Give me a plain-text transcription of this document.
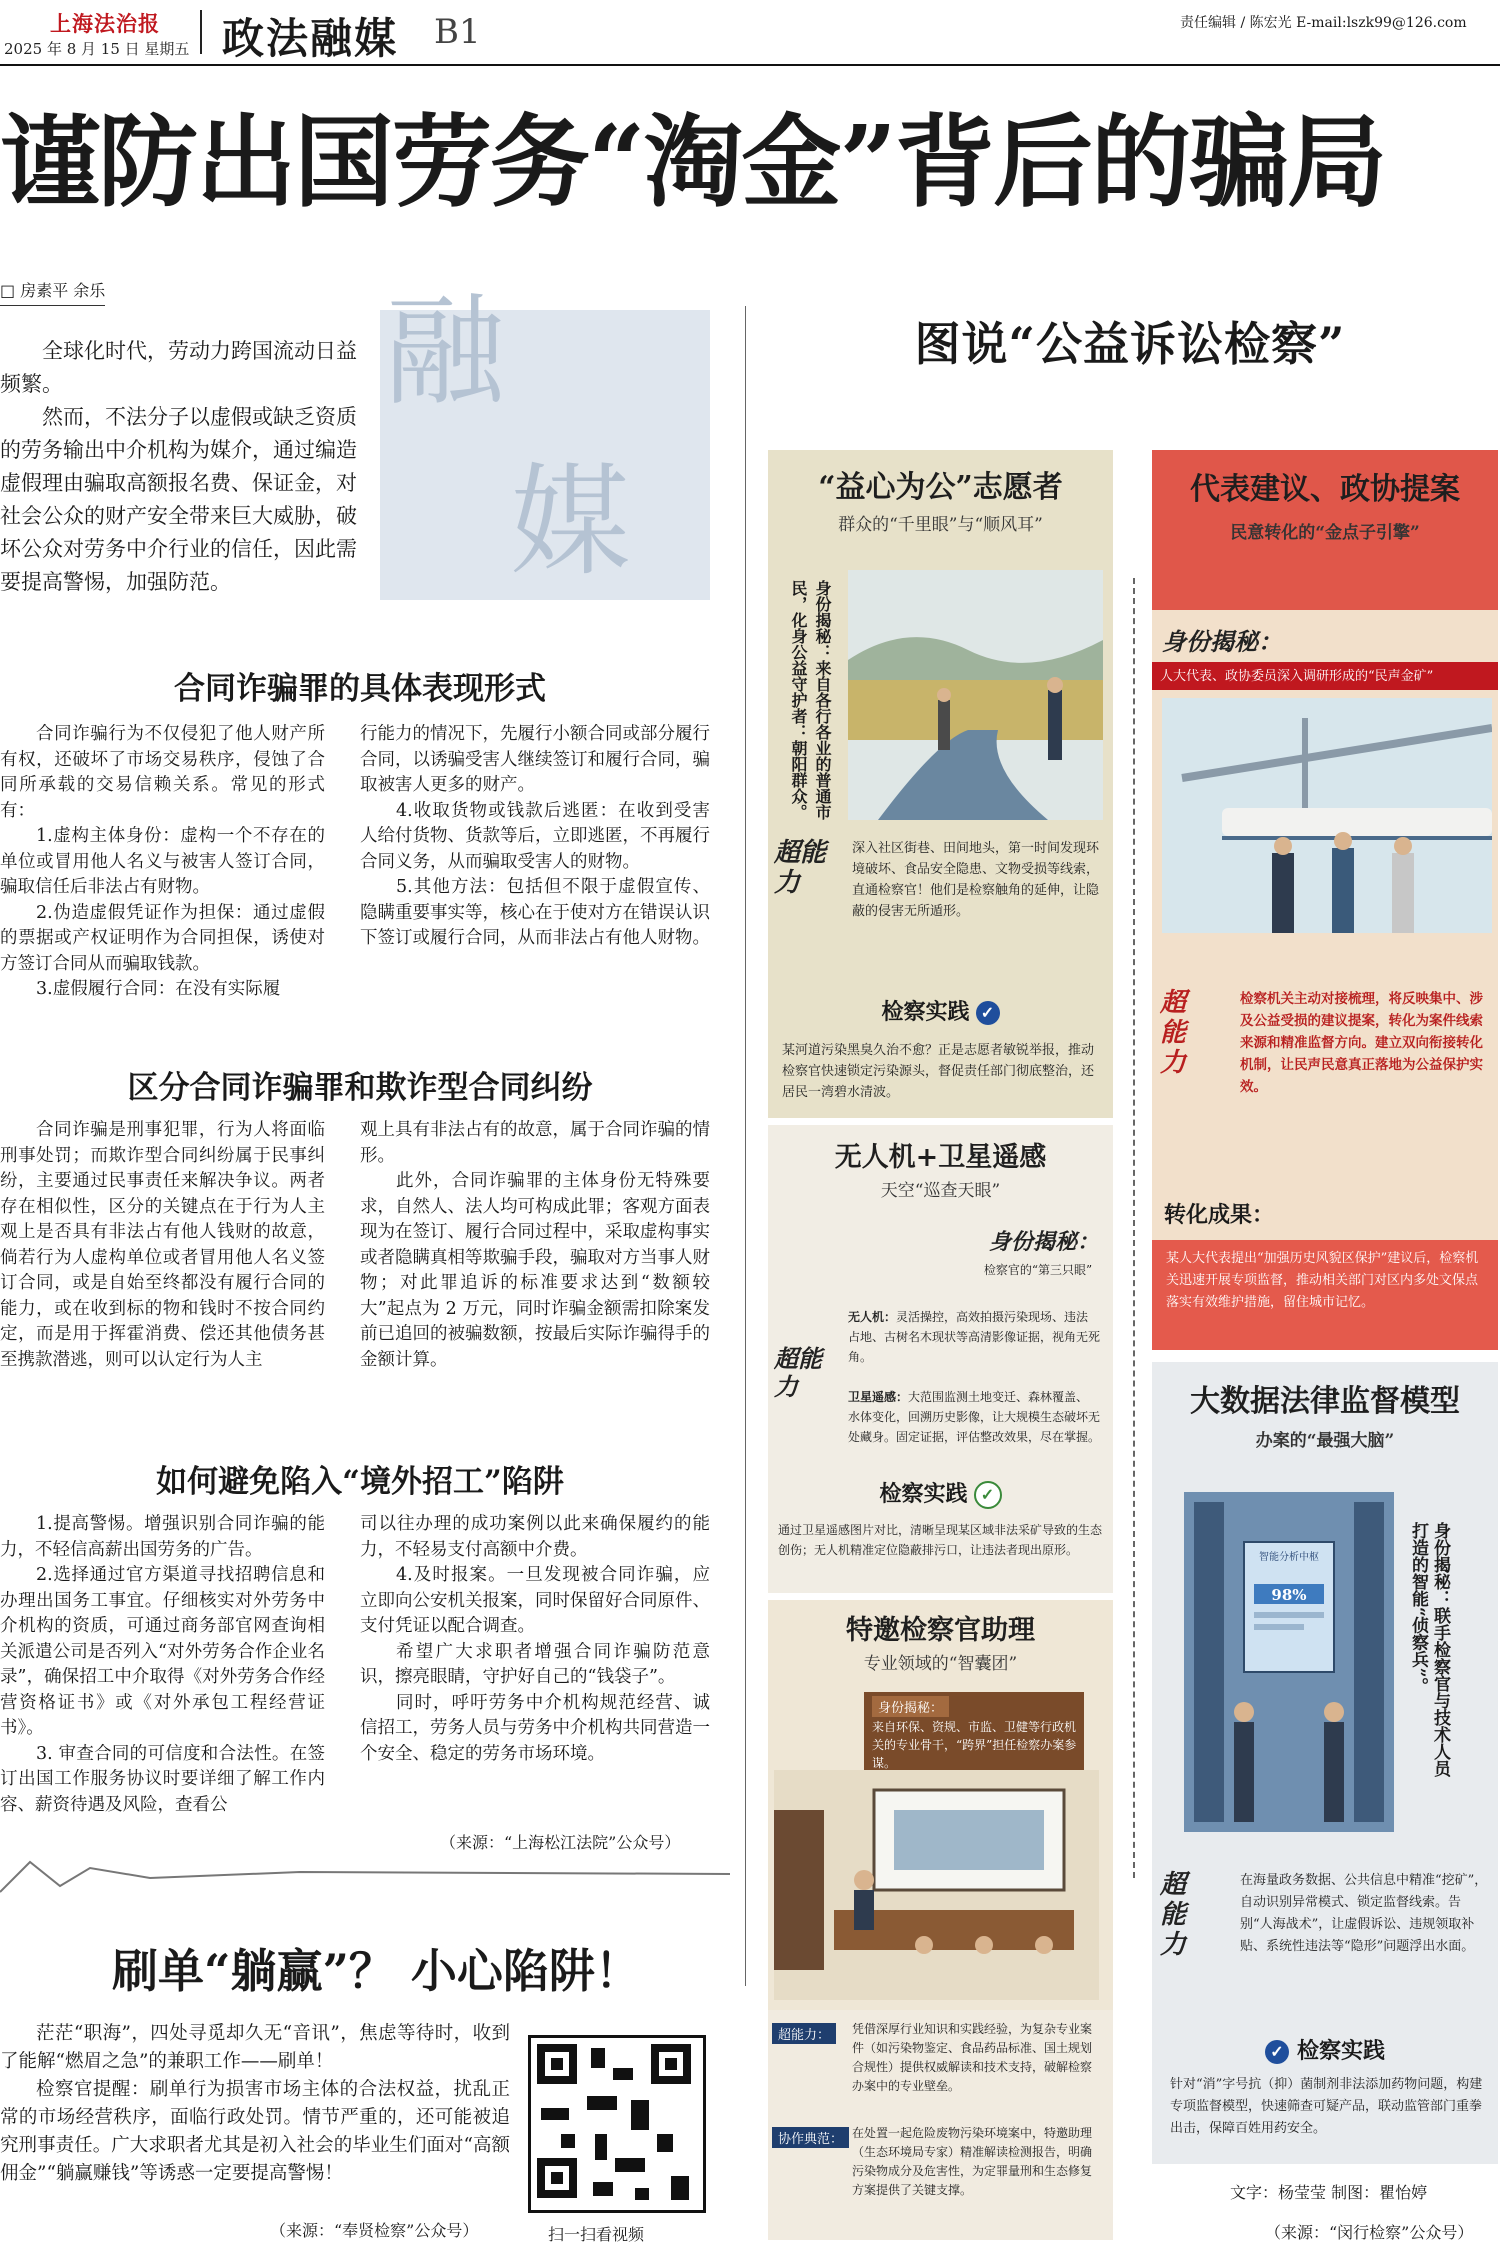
上海法治报
2025 年 8 月 15 日 星期五 政法融媒 B1	责任编辑 / 陈宏光 E-mail:lszk99@126.com
谨防出国劳务“淘金”背后的骗局
□ 房素平 余乐 融
媒

全球化时代，劳动力跨国流动日益频繁。

然而，不法分子以虚假或缺乏资质的劳务输出中介机构为媒介，通过编造虚假理由骗取高额报名费、保证金，对社会公众的财产安全带来巨大威胁，破坏公众对劳务中介行业的信任，因此需要提高警惕，加强防范。

合同诈骗罪的具体表现形式

合同诈骗行为不仅侵犯了他人财产所有权，还破坏了市场交易秩序，侵蚀了合同所承载的交易信赖关系。常见的形式有：

1.虚构主体身份：虚构一个不存在的单位或冒用他人名义与被害人签订合同，骗取信任后非法占有财物。

2.伪造虚假凭证作为担保：通过虚假的票据或产权证明作为合同担保，诱使对方签订合同从而骗取钱款。

3.虚假履行合同：在没有实际履

行能力的情况下，先履行小额合同或部分履行合同，以诱骗受害人继续签订和履行合同，骗取被害人更多的财产。

4.收取货物或钱款后逃匿：在收到受害人给付货物、货款等后，立即逃匿，不再履行合同义务，从而骗取受害人的财物。

5.其他方法：包括但不限于虚假宣传、隐瞒重要事实等，核心在于使对方在错误认识下签订或履行合同，从而非法占有他人财物。

区分合同诈骗罪和欺诈型合同纠纷

合同诈骗是刑事犯罪，行为人将面临刑事处罚；而欺诈型合同纠纷属于民事纠纷，主要通过民事责任来解决争议。两者存在相似性，区分的关键点在于行为人主观上是否具有非法占有他人钱财的故意，倘若行为人虚构单位或者冒用他人名义签订合同，或是自始至终都没有履行合同的能力，或在收到标的物和钱时不按合同约定，而是用于挥霍消费、偿还其他债务甚至携款潜逃，则可以认定行为人主

观上具有非法占有的故意，属于合同诈骗的情形。

此外，合同诈骗罪的主体身份无特殊要求，自然人、法人均可构成此罪；客观方面表现为在签订、履行合同过程中，采取虚构事实或者隐瞒真相等欺骗手段，骗取对方当事人财物；对此罪追诉的标准要求达到“数额较大”起点为 2 万元，同时诈骗金额需扣除案发前已追回的被骗数额，按最后实际诈骗得手的金额计算。

如何避免陷入“境外招工”陷阱

1.提高警惕。增强识别合同诈骗的能力，不轻信高薪出国劳务的广告。

2.选择通过官方渠道寻找招聘信息和办理出国务工事宜。仔细核实对外劳务中介机构的资质，可通过商务部官网查询相关派遣公司是否列入“对外劳务合作企业名录”，确保招工中介取得《对外劳务合作经营资格证书》或《对外承包工程经营证书》。

3. 审查合同的可信度和合法性。在签订出国工作服务协议时要详细了解工作内容、薪资待遇及风险，查看公

司以往办理的成功案例以此来确保履约的能力，不轻易支付高额中介费。

4.及时报案。一旦发现被合同诈骗，应立即向公安机关报案，同时保留好合同原件、支付凭证以配合调查。

希望广大求职者增强合同诈骗防范意识，擦亮眼睛，守护好自己的“钱袋子”。

同时，呼吁劳务中介机构规范经营、诚信招工，劳务人员与劳务中介机构共同营造一个安全、稳定的劳务市场环境。

（来源：“上海松江法院”公众号）
刷单“躺赢”？ 小心陷阱！

茫茫“职海”，四处寻觅却久无“音讯”，焦虑等待时，收到了能解“燃眉之急”的兼职工作——刷单！

检察官提醒：刷单行为损害市场主体的合法权益，扰乱正常的市场经营秩序，面临行政处罚。情节严重的，还可能被追究刑事责任。广大求职者尤其是初入社会的毕业生们面对“高额佣金”“躺赢赚钱”等诱惑一定要提高警惕！

（来源：“奉贤检察”公众号）	扫一扫看视频
图说“公益诉讼检察”
“益心为公”志愿者
群众的“千里眼”与“顺风耳”
身份揭秘：来自各行各业的普通市民，化身公益守护者：朝阳群众。
超能力
深入社区街巷、田间地头，第一时间发现环境破坏、食品安全隐患、文物受损等线索，直通检察官！他们是检察触角的延伸，让隐蔽的侵害无所遁形。
检察实践 ✓
某河道污染黑臭久治不愈？正是志愿者敏锐举报，推动检察官快速锁定污染源头，督促责任部门彻底整治，还居民一湾碧水清波。
无人机+卫星遥感
天空“巡查天眼”
身份揭秘：
检察官的“第三只眼”
超能力
无人机：灵活操控，高效拍摄污染现场、违法占地、古树名木现状等高清影像证据，视角无死角。
卫星遥感：大范围监测土地变迁、森林覆盖、水体变化，回溯历史影像，让大规模生态破坏无处藏身。固定证据，评估整改效果，尽在掌握。
检察实践 ✓
通过卫星遥感图片对比，清晰呈现某区域非法采矿导致的生态创伤；无人机精准定位隐蔽排污口，让违法者现出原形。
特邀检察官助理
专业领域的“智囊团”
身份揭秘：
来自环保、资规、市监、卫健等行政机关的专业骨干，“跨界”担任检察办案参谋。
超能力：	凭借深厚行业知识和实践经验，为复杂专业案件（如污染物鉴定、食品药品标准、国土规划合规性）提供权威解读和技术支持，破解检察办案中的专业壁垒。
协作典范： 在处置一起危险废物污染环境案中，特邀助理（生态环境局专家）精准解读检测报告，明确污染物成分及危害性，为定罪量刑和生态修复方案提供了关键支撑。
代表建议、政协提案
民意转化的“金点子引擎”
身份揭秘：
人大代表、政协委员深入调研形成的“民声金矿”
超能力
检察机关主动对接梳理，将反映集中、涉及公益受损的建议提案，转化为案件线索来源和精准监督方向。建立双向衔接转化机制，让民声民意真正落地为公益保护实效。
转化成果：
某人大代表提出“加强历史风貌区保护”建议后，检察机关迅速开展专项监督，推动相关部门对区内多处文保点落实有效维护措施，留住城市记忆。
大数据法律监督模型
办案的“最强大脑”
智能分析中枢
98%	身份揭秘：联手检察官与技术人员打造的智能“侦察兵”。
超能力
在海量政务数据、公共信息中精准“挖矿”，自动识别异常模式、锁定监督线索。告别“人海战术”，让虚假诉讼、违规领取补贴、系统性违法等“隐形”问题浮出水面。
✓ 检察实践
针对“消”字号抗（抑）菌制剂非法添加药物问题，构建专项监督模型，快速筛查可疑产品，联动监管部门重拳出击，保障百姓用药安全。
文字：杨莹莹 制图：瞿怡婷
（来源：“闵行检察”公众号）
